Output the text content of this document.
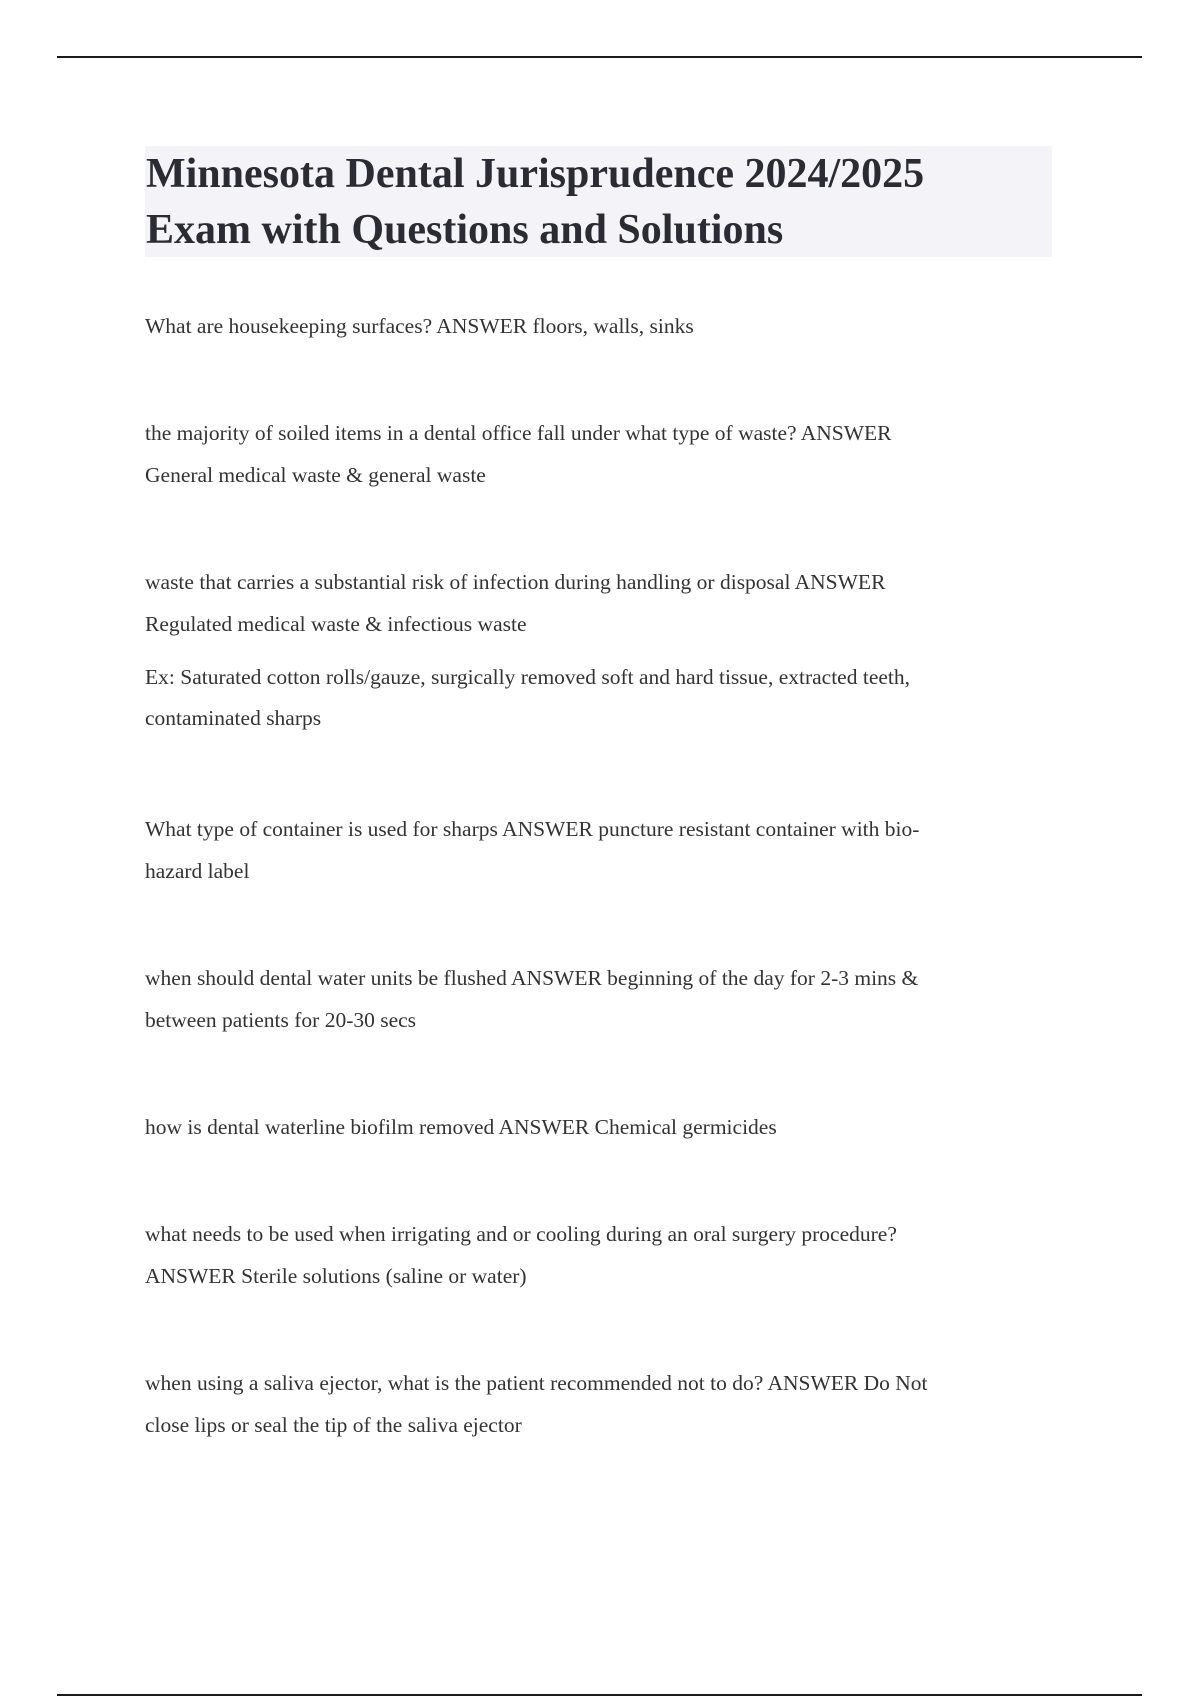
Minnesota Dental Jurisprudence 2024/2025
Exam with Questions and Solutions

What are housekeeping surfaces? ANSWER floors, walls, sinks

the majority of soiled items in a dental office fall under what type of waste? ANSWER

General medical waste & general waste

waste that carries a substantial risk of infection during handling or disposal ANSWER

Regulated medical waste & infectious waste

Ex: Saturated cotton rolls/gauze, surgically removed soft and hard tissue, extracted teeth,

contaminated sharps

What type of container is used for sharps ANSWER puncture resistant container with bio-

hazard label

when should dental water units be flushed ANSWER beginning of the day for 2-3 mins &

between patients for 20-30 secs

how is dental waterline biofilm removed ANSWER Chemical germicides

what needs to be used when irrigating and or cooling during an oral surgery procedure?

ANSWER Sterile solutions (saline or water)

when using a saliva ejector, what is the patient recommended not to do? ANSWER Do Not

close lips or seal the tip of the saliva ejector
